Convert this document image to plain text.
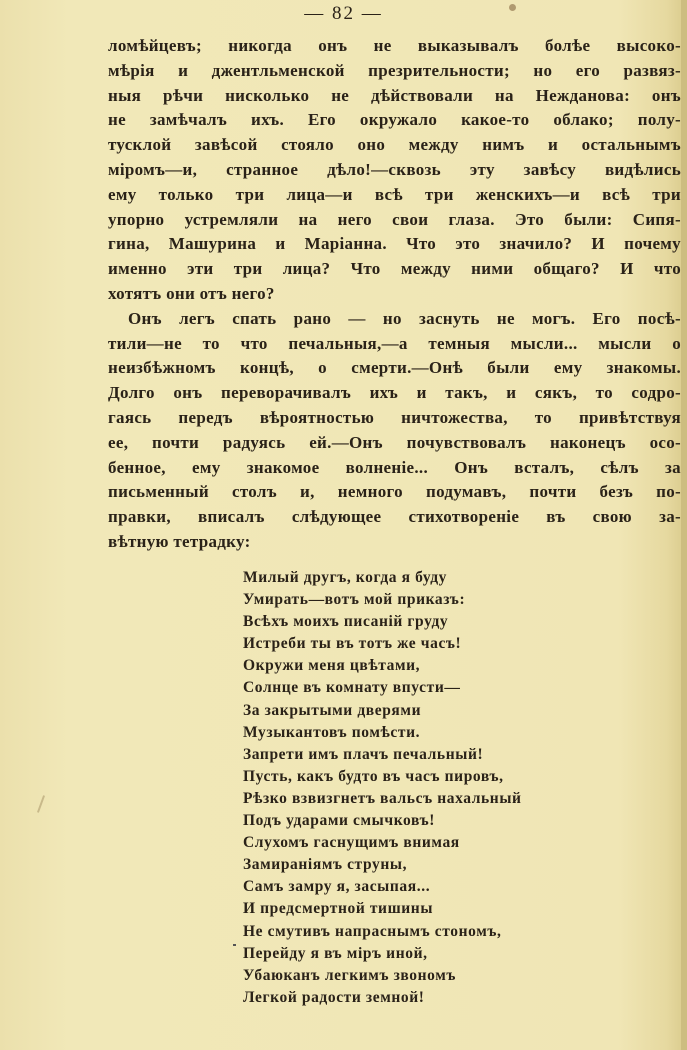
— 82 —
ломѣйцевъ; никогда онъ не выказывалъ болѣе высоко-
мѣрія и джентльменской презрительности; но его развяз-
ныя рѣчи нисколько не дѣйствовали на Нежданова: онъ
не замѣчалъ ихъ. Его окружало какое-то облако; полу-
тусклой завѣсой стояло оно между нимъ и остальнымъ
міромъ—и, странное дѣло!—сквозь эту завѣсу видѣлись
ему только три лица—и всѣ три женскихъ—и всѣ три
упорно устремляли на него свои глаза. Это были: Сипя-
гина, Машурина и Маріанна. Что это значило? И почему
именно эти три лица? Что между ними общаго? И что
хотятъ они отъ него?
Онъ легъ спать рано — но заснуть не могъ. Его посѣ-
тили—не то что печальныя,—а темныя мысли... мысли о
неизбѣжномъ концѣ, о смерти.—Онѣ были ему знакомы.
Долго онъ переворачивалъ ихъ и такъ, и сякъ, то содро-
гаясь передъ вѣроятностью ничтожества, то привѣтствуя
ее, почти радуясь ей.—Онъ почувствовалъ наконецъ осо-
бенное, ему знакомое волненіе... Онъ всталъ, сѣлъ за
письменный столъ и, немного подумавъ, почти безъ по-
правки, вписалъ слѣдующее стихотвореніе въ свою за-
вѣтную тетрадку:
Милый другъ, когда я буду
Умирать—вотъ мой приказъ:
Всѣхъ моихъ писаній груду
Истреби ты въ тотъ же часъ!
Окружи меня цвѣтами,
Солнце въ комнату впусти—
За закрытыми дверями
Музыкантовъ помѣсти.
Запрети имъ плачъ печальный!
Пусть, какъ будто въ часъ пировъ,
Рѣзко взвизгнетъ вальсъ нахальный
Подъ ударами смычковъ!
Слухомъ гаснущимъ внимая
Замираніямъ струны,
Самъ замру я, засыпая...
И предсмертной тишины
Не смутивъ напраснымъ стономъ,
Перейду я въ міръ иной,
Убаюканъ легкимъ звономъ
Легкой радости земной!
